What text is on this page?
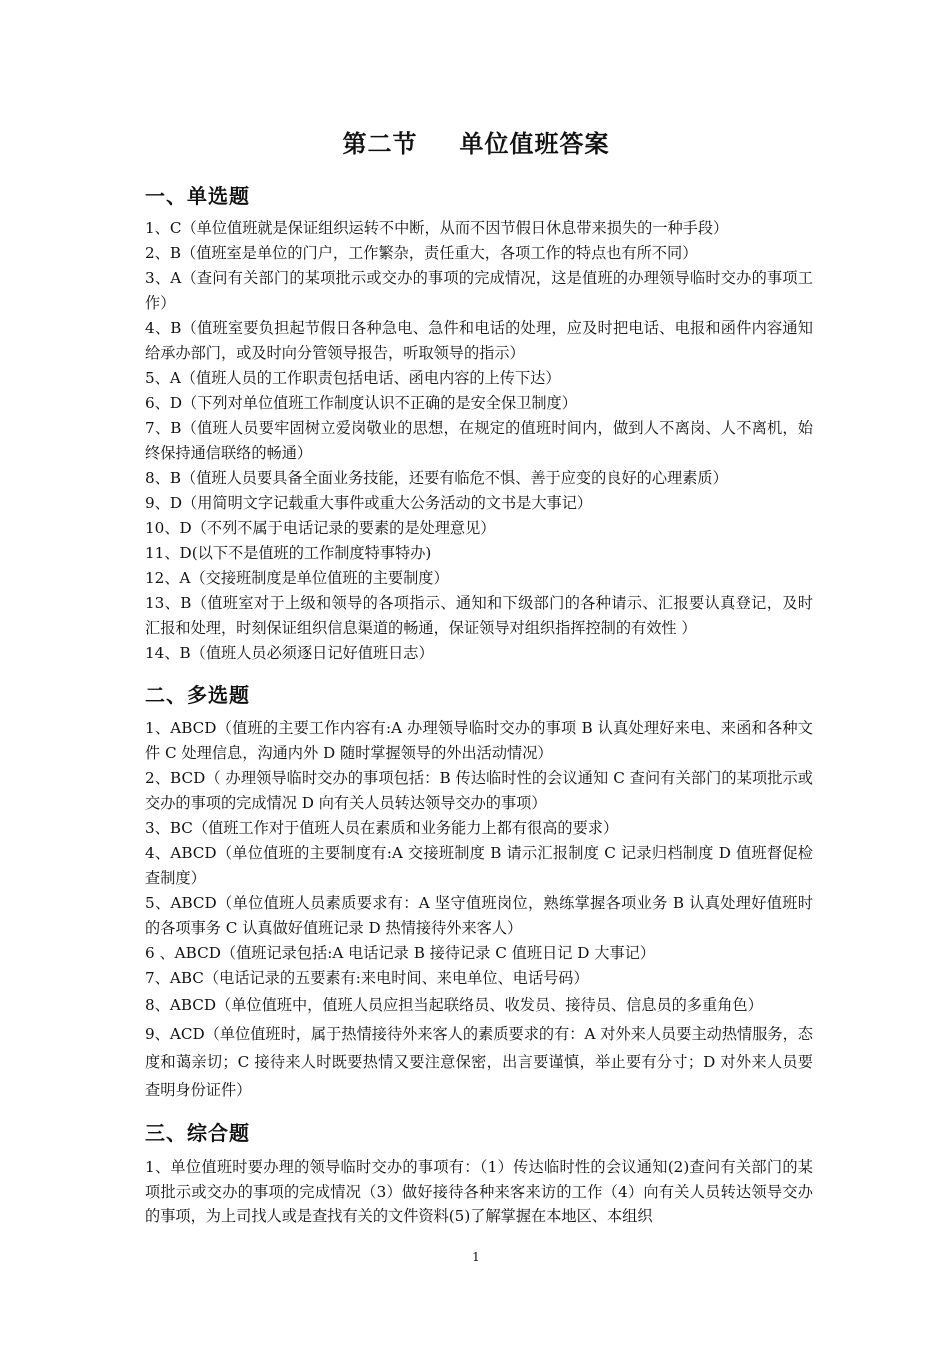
第二节 单位值班答案
一、单选题
1、C（单位值班就是保证组织运转不中断，从而不因节假日休息带来损失的一种手段）
2、B（值班室是单位的门户，工作繁杂，责任重大，各项工作的特点也有所不同）
3、A（查问有关部门的某项批示或交办的事项的完成情况，这是值班的办理领导临时交办的事项工作）
4、B（值班室要负担起节假日各种急电、急件和电话的处理，应及时把电话、电报和函件内容通知给承办部门，或及时向分管领导报告，听取领导的指示）
5、A（值班人员的工作职责包括电话、函电内容的上传下达）
6、D（下列对单位值班工作制度认识不正确的是安全保卫制度）
7、B（值班人员要牢固树立爱岗敬业的思想，在规定的值班时间内，做到人不离岗、人不离机，始终保持通信联络的畅通）
8、B（值班人员要具备全面业务技能，还要有临危不惧、善于应变的良好的心理素质）
9、D（用简明文字记载重大事件或重大公务活动的文书是大事记）
10、D（不列不属于电话记录的要素的是处理意见）
11、D(以下不是值班的工作制度特事特办)
12、A（交接班制度是单位值班的主要制度）
13、B（值班室对于上级和领导的各项指示、通知和下级部门的各种请示、汇报要认真登记，及时汇报和处理，时刻保证组织信息渠道的畅通，保证领导对组织指挥控制的有效性 ）
14、B（值班人员必须逐日记好值班日志）
二、多选题
1、ABCD（值班的主要工作内容有:A 办理领导临时交办的事项 B 认真处理好来电、来函和各种文件 C 处理信息，沟通内外 D 随时掌握领导的外出活动情况）
2、BCD（ 办理领导临时交办的事项包括：B 传达临时性的会议通知 C 查问有关部门的某项批示或交办的事项的完成情况 D 向有关人员转达领导交办的事项）
3、BC（值班工作对于值班人员在素质和业务能力上都有很高的要求）
4、ABCD（单位值班的主要制度有:A 交接班制度 B 请示汇报制度 C 记录归档制度 D 值班督促检查制度）
5、ABCD（单位值班人员素质要求有：A 坚守值班岗位，熟练掌握各项业务 B 认真处理好值班时的各项事务 C 认真做好值班记录 D 热情接待外来客人）
6 、ABCD（值班记录包括:A 电话记录 B 接待记录 C 值班日记 D 大事记）
7、ABC（电话记录的五要素有:来电时间、来电单位、电话号码）
8、ABCD（单位值班中，值班人员应担当起联络员、收发员、接待员、信息员的多重角色）
9、ACD（单位值班时，属于热情接待外来客人的素质要求的有：A 对外来人员要主动热情服务，态度和蔼亲切；C 接待来人时既要热情又要注意保密，出言要谨慎，举止要有分寸；D 对外来人员要查明身份证件）
三、综合题
1、单位值班时要办理的领导临时交办的事项有：（1）传达临时性的会议通知(2)查问有关部门的某项批示或交办的事项的完成情况（3）做好接待各种来客来访的工作（4）向有关人员转达领导交办的事项，为上司找人或是查找有关的文件资料(5)了解掌握在本地区、本组织
1
